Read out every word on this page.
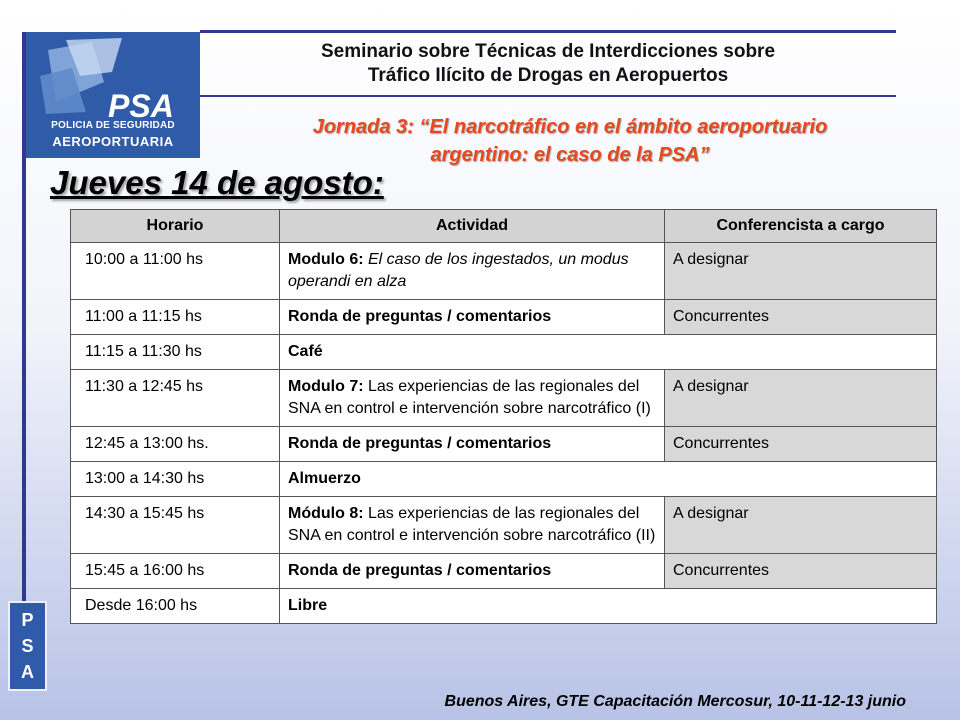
PSA
POLICIA DE SEGURIDAD
AEROPORTUARIA
Seminario sobre Técnicas de Interdicciones sobre
Tráfico Ilícito de Drogas en Aeropuertos
Jornada 3: “El narcotráfico en el ámbito aeroportuario
argentino: el caso de la PSA”
Jueves 14 de agosto:
Horario	Actividad	Conferencista a cargo
10:00 a 11:00 hs	Modulo 6: El caso de los ingestados, un modus operandi en alza	A designar
11:00 a 11:15 hs	Ronda de preguntas / comentarios	Concurrentes
11:15 a 11:30 hs	Café	
11:30 a 12:45 hs	Modulo 7: Las experiencias de las regionales del SNA en control e intervención sobre narcotráfico (I)	A designar
12:45 a 13:00 hs.	Ronda de preguntas / comentarios	Concurrentes
13:00 a 14:30 hs	Almuerzo	
14:30 a 15:45 hs	Módulo 8: Las experiencias de las regionales del SNA en control e intervención sobre narcotráfico (II)	A designar
15:45 a 16:00 hs	Ronda de preguntas / comentarios	Concurrentes
Desde 16:00 hs	Libre	
P
S
A
Buenos Aires, GTE Capacitación Mercosur, 10-11-12-13 junio
